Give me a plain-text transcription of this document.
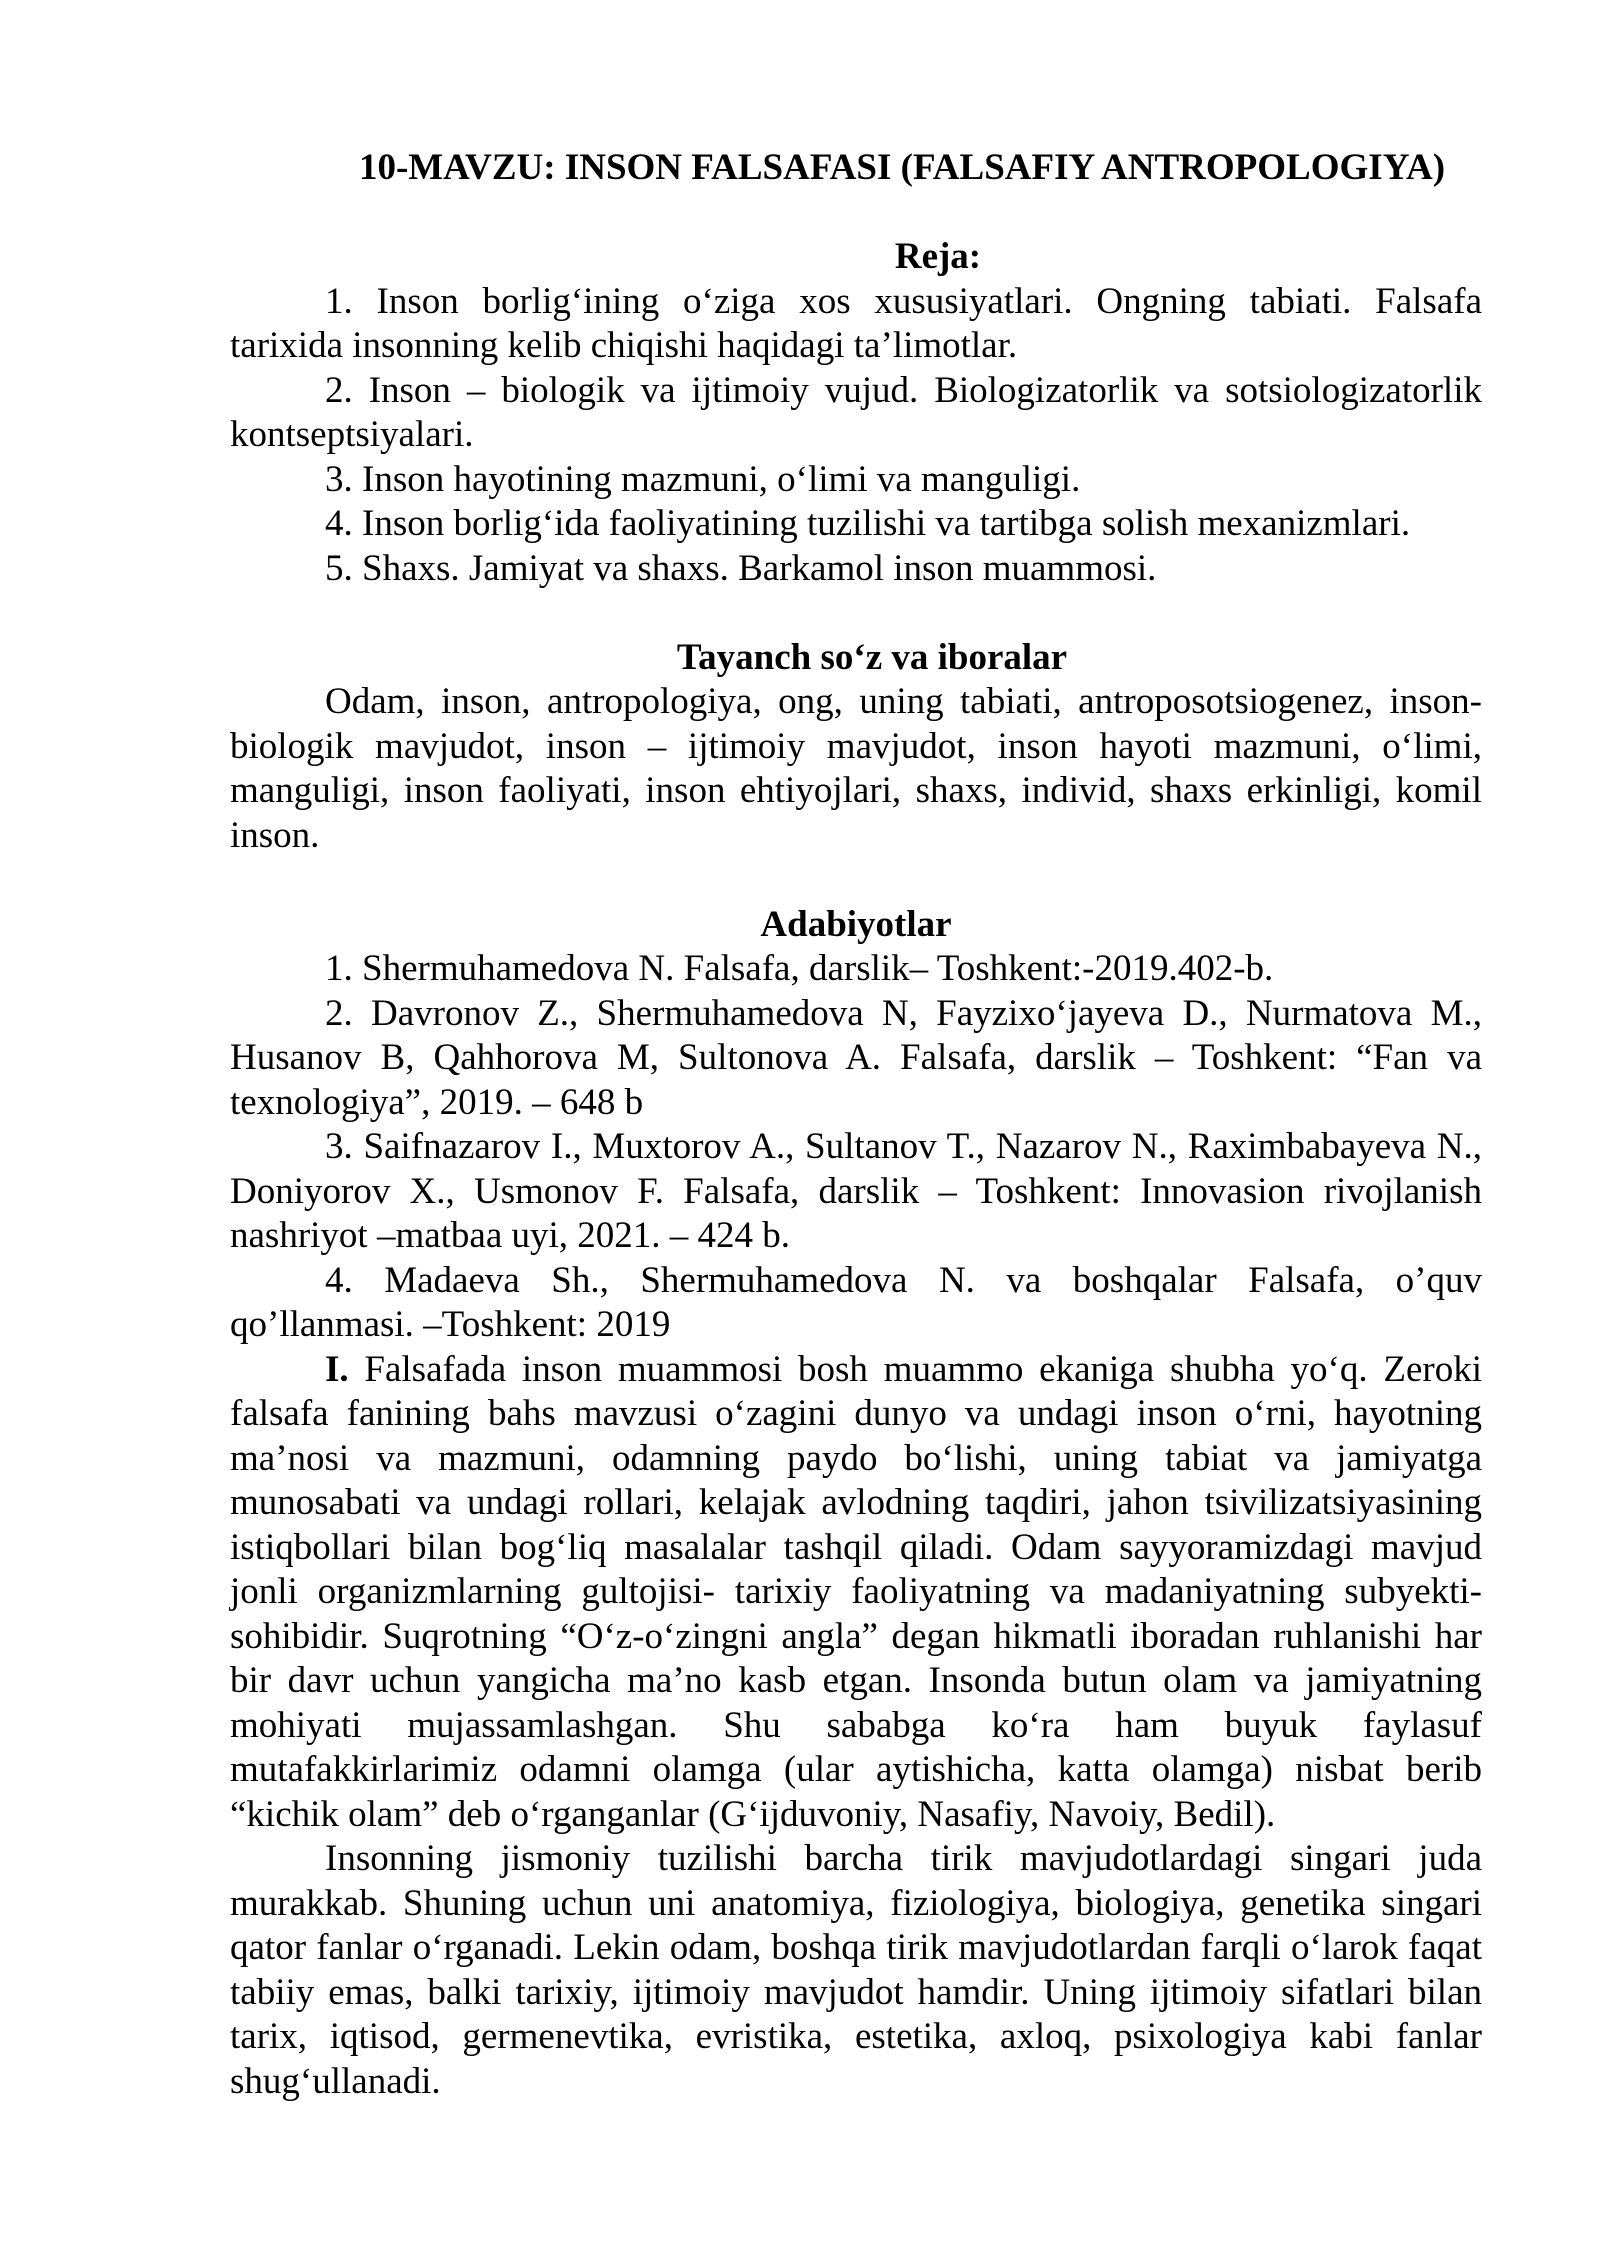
10-MAVZU: INSON FALSAFASI (FALSAFIY ANTROPOLOGIYA)
Reja:

1. Inson borlig‘ining o‘ziga xos xususiyatlari. Ongning tabiati. Falsafa tarixida insonning kelib chiqishi haqidagi ta’limotlar.

2. Inson – biologik va ijtimoiy vujud. Biologizatorlik va sotsiologizatorlik kontseptsiyalari.

3. Inson hayotining mazmuni, o‘limi va manguligi.

4. Inson borlig‘ida faoliyatining tuzilishi va tartibga solish mexanizmlari.

5. Shaxs. Jamiyat va shaxs. Barkamol inson muammosi.

Tayanch so‘z va iboralar

Odam, inson, antropologiya, ong, uning tabiati, antroposotsiogenez, inson-biologik mavjudot, inson – ijtimoiy mavjudot, inson hayoti mazmuni, o‘limi, manguligi, inson faoliyati, inson ehtiyojlari, shaxs, individ, shaxs erkinligi, komil inson.

Adabiyotlar

1. Shermuhamedova N. Falsafa, darslik– Toshkent:-2019.402-b.

2. Davronov Z., Shermuhamedova N, Fayzixo‘jayeva D., Nurmatova M., Husanov B, Qahhorova M, Sultonova A. Falsafa, darslik – Toshkent: “Fan va texnologiya”, 2019. – 648 b

3. Saifnazarov I., Muxtorov A., Sultanov T., Nazarov N., Raximbabayeva N., Doniyorov X., Usmonov F. Falsafa, darslik – Toshkent: Innovasion rivojlanish nashriyot –matbaa uyi, 2021. – 424 b.

4. Madaeva Sh., Shermuhamedova N. va boshqalar Falsafa, o’quv qo’llanmasi. –Toshkent: 2019

I. Falsafada inson muammosi bosh muammo ekaniga shubha yo‘q. Zeroki falsafa fanining bahs mavzusi o‘zagini dunyo va undagi inson o‘rni, hayotning ma’nosi va mazmuni, odamning paydo bo‘lishi, uning tabiat va jamiyatga munosabati va undagi rollari, kelajak avlodning taqdiri, jahon tsivilizatsiyasining istiqbollari bilan bog‘liq masalalar tashqil qiladi. Odam sayyoramizdagi mavjud jonli organizmlarning gultojisi- tarixiy faoliyatning va madaniyatning subyekti-sohibidir. Suqrotning “O‘z-o‘zingni angla” degan hikmatli iboradan ruhlanishi har bir davr uchun yangicha ma’no kasb etgan. Insonda butun olam va jamiyatning mohiyati mujassamlashgan. Shu sababga ko‘ra ham buyuk faylasuf mutafakkirlarimiz odamni olamga (ular aytishicha, katta olamga) nisbat berib “kichik olam” deb o‘rganganlar (G‘ijduvoniy, Nasafiy, Navoiy, Bedil).

Insonning jismoniy tuzilishi barcha tirik mavjudotlardagi singari juda murakkab. Shuning uchun uni anatomiya, fiziologiya, biologiya, genetika singari qator fanlar o‘rganadi. Lekin odam, boshqa tirik mavjudotlardan farqli o‘larok faqat tabiiy emas, balki tarixiy, ijtimoiy mavjudot hamdir. Uning ijtimoiy sifatlari bilan tarix, iqtisod, germenevtika, evristika, estetika, axloq, psixologiya kabi fanlar shug‘ullanadi.
